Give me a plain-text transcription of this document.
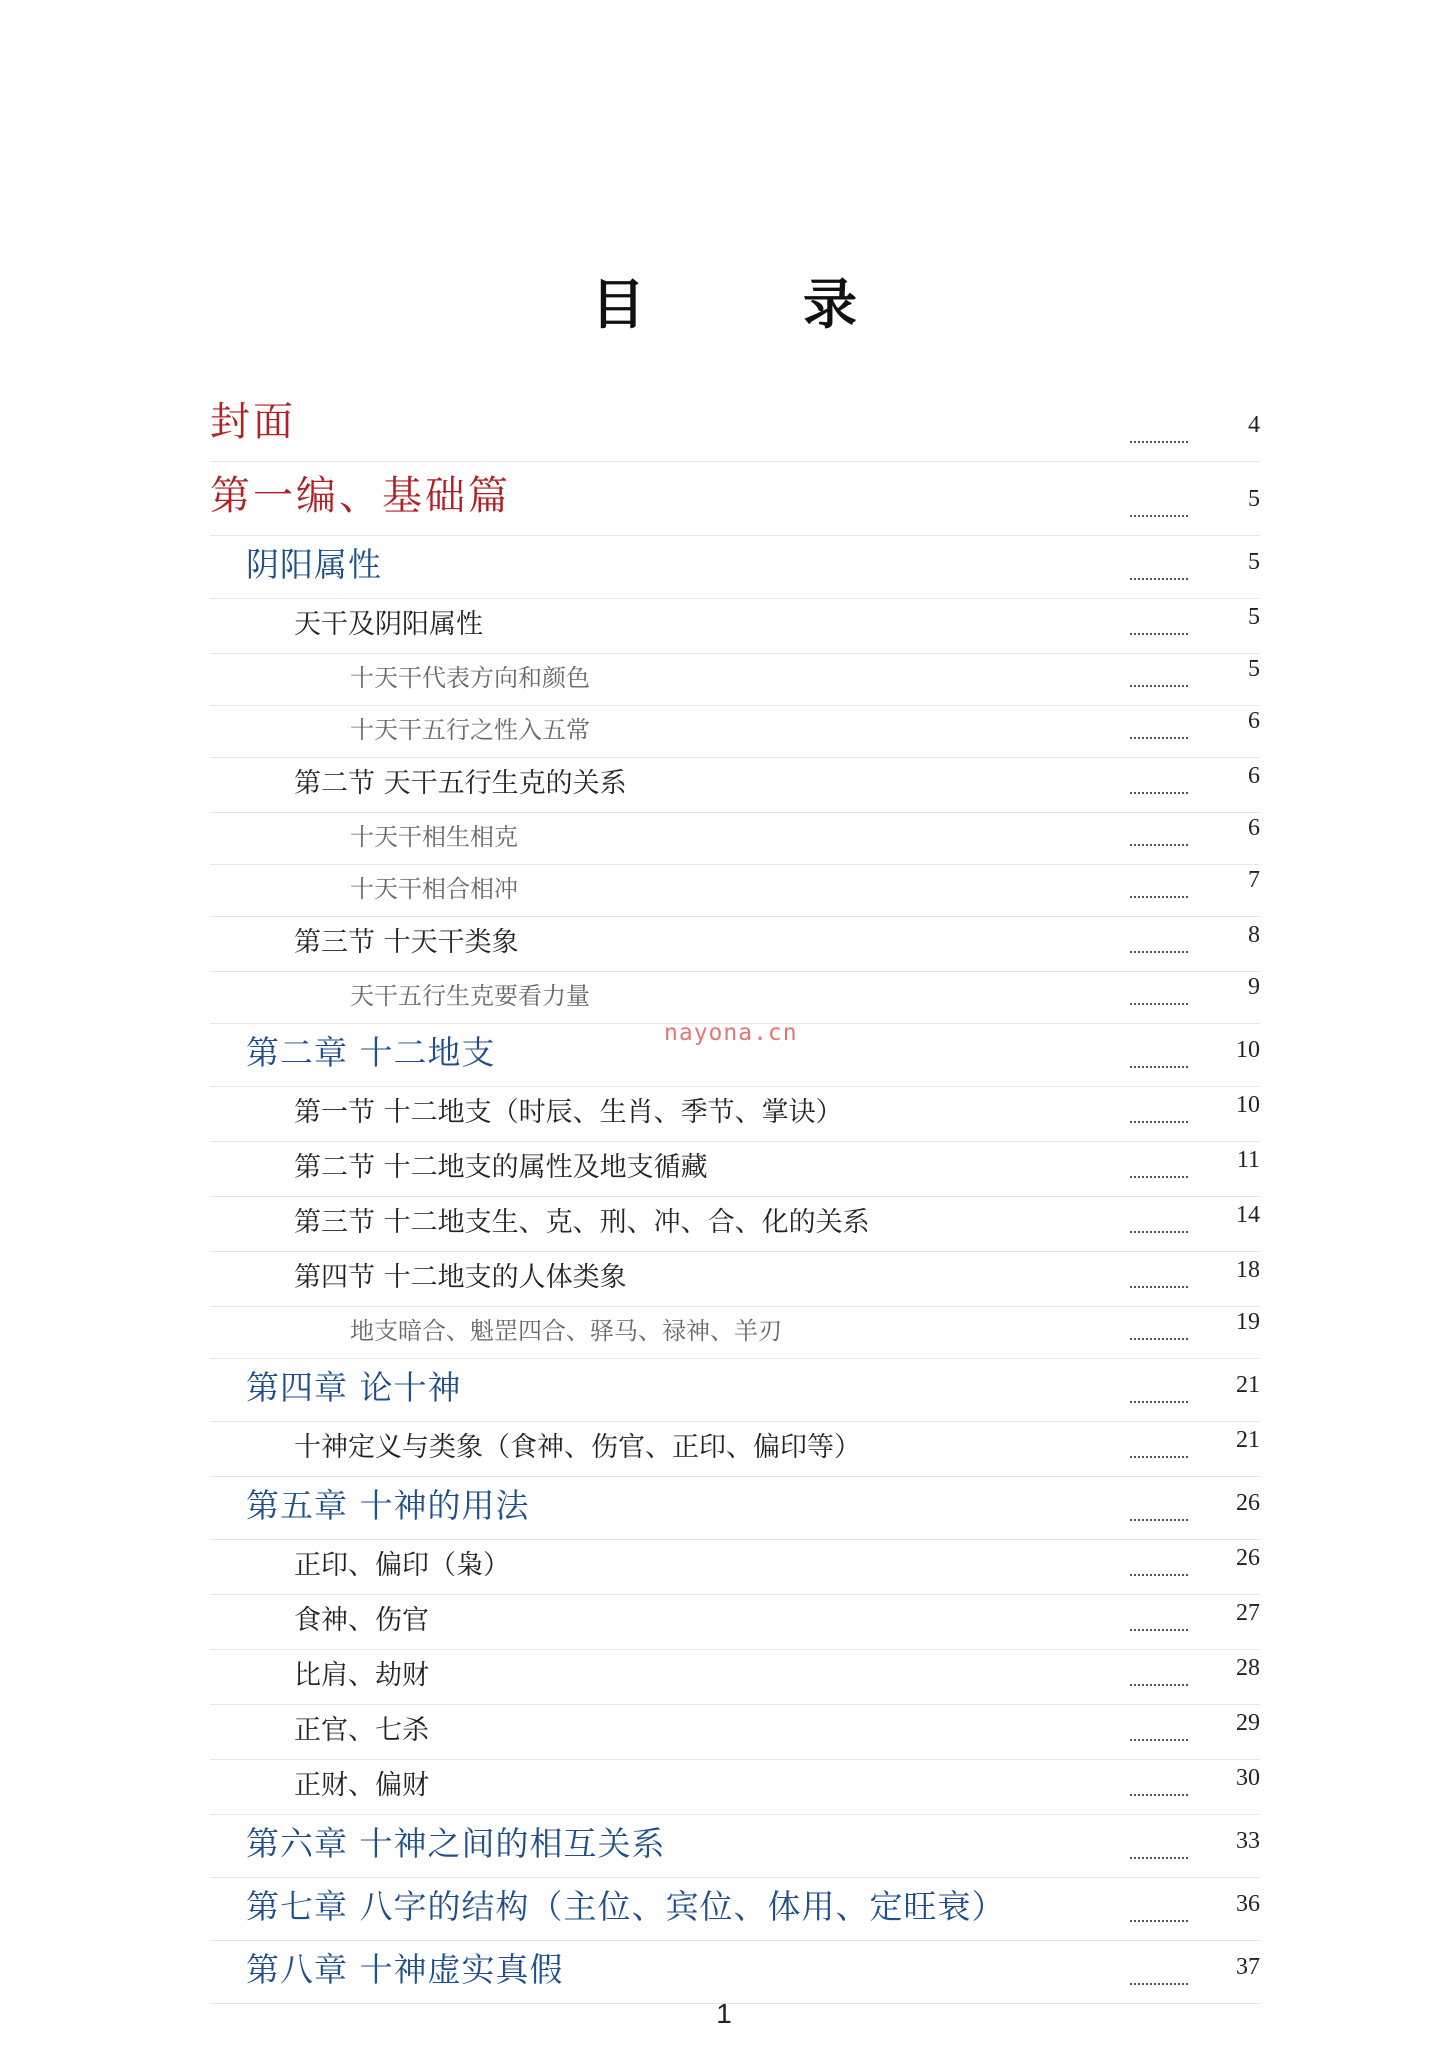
目　录
封面	4
第一编、基础篇	5
阴阳属性	5
天干及阴阳属性	5
十天干代表方向和颜色	5
十天干五行之性入五常	6
第二节 天干五行生克的关系	6
十天干相生相克	6
十天干相合相冲	7
第三节 十天干类象	8
天干五行生克要看力量	9
第二章 十二地支	10
第一节 十二地支（时辰、生肖、季节、掌诀）	10
第二节 十二地支的属性及地支循藏	11
第三节 十二地支生、克、刑、冲、合、化的关系	14
第四节 十二地支的人体类象	18
地支暗合、魁罡四合、驿马、禄神、羊刃	19
第四章 论十神	21
十神定义与类象（食神、伤官、正印、偏印等）	21
第五章 十神的用法	26
正印、偏印（枭）	26
食神、伤官	27
比肩、劫财	28
正官、七杀	29
正财、偏财	30
第六章 十神之间的相互关系	33
第七章 八字的结构（主位、宾位、体用、定旺衰）	36
第八章 十神虚实真假	37
nayona.cn
1
